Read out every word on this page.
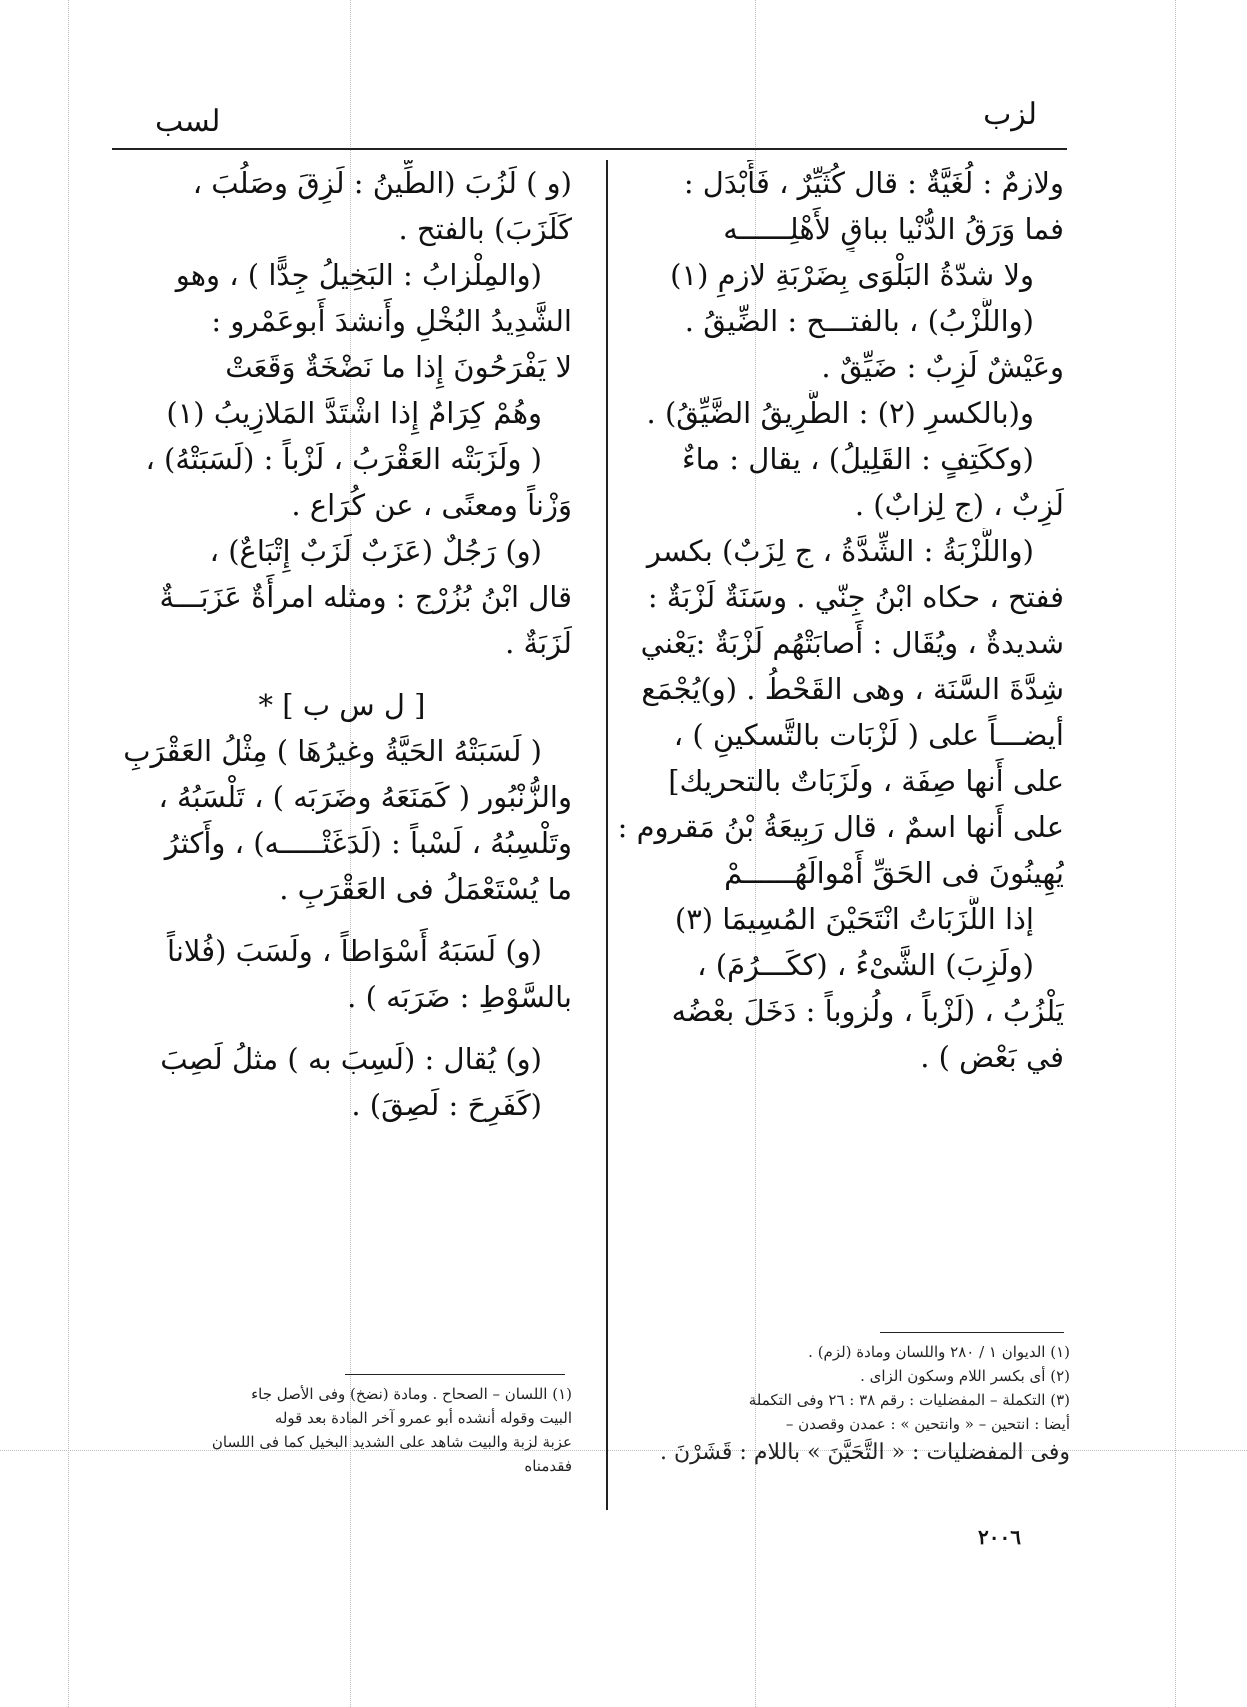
لزب
لسب
ولازمٌ : لُغَيَّةٌ : قال كُثَيِّرٌ ، فَأَبْدَل :
فما وَرَقُ الدُّنْيا بباقٍ لأَهْلِــــــه
ولا شدّةُ البَلْوَى بِضَرْبَةِ لازمِ (١)
(واللَّزْبُ) ، بالفتـــح : الضِّيقُ .
وعَيْشٌ لَزِبٌ : ضَيِّقٌ .
و(بالكسرِ (٢) : الطَّرِيقُ الضَّيِّقُ) .
(وككَتِفٍ : القَلِيلُ) ، يقال : ماءٌ
لَزِبٌ ، (ج لِزابٌ) .
(واللَّزْبَةُ : الشِّدَّةُ ، ج لِزَبٌ) بكسر
ففتح ، حكاه ابْنُ جِنّي . وسَنَةٌ لَزْبَةٌ :
شديدةٌ ، ويُقَال : أَصابَتْهُم لَزْبَةٌ :يَعْني
شِدَّةَ السَّنَة ، وهى القَحْطُ . (و)يُجْمَع
أيضـــاً على ( لَزْبَات بالتَّسكينِ ) ،
على أَنها صِفَة ، ولَزَبَاتٌ بالتحريك]
على أَنها اسمٌ ، قال رَبِيعَةُ بْنُ مَقروم :
يُهِينُونَ فى الحَقِّ أَمْوالَهُــــــمْ
إذا اللَّزَبَاتُ انْتَحَيْنَ المُسِيمَا (٣)
(ولَزِبَ) الشَّىْءُ ، (ككَـــرُمَ) ،
يَلْزُبُ ، (لَزْباً ، ولُزوباً : دَخَلَ بعْضُه
في بَعْض ) .
(و ) لَزُبَ (الطِّينُ : لَزِقَ وصَلُبَ ،
كَلَزَبَ) بالفتح .
(والمِلْزابُ : البَخِيلُ جِدًّا ) ، وهو
الشَّدِيدُ البُخْلِ وأَنشدَ أَبوعَمْرو :
لا يَفْرَحُونَ إِذا ما نَضْخَةٌ وَقَعَتْ
وهُمْ كِرَامٌ إِذا اشْتَدَّ المَلازِيبُ (١)
( ولَزَبَتْه العَقْرَبُ ، لَزْباً : (لَسَبَتْهُ) ،
وَزْناً ومعنًى ، عن كُرَاع .
(و) رَجُلٌ (عَزَبٌ لَزَبٌ إِتْبَاعٌ) ،
قال ابْنُ بُزُرْج : ومثله امرأَةٌ عَزَبَـــةٌ
لَزَبَةٌ .
[ ل س ب ] *
( لَسَبَتْهُ الحَيَّةُ وغيرُهَا ) مِثْلُ العَقْرَبِ
والزُّنْبُور ( كَمَنَعَهُ وضَرَبَه ) ، تَلْسَبُهُ ،
وتَلْسِبُهُ ، لَسْباً : (لَدَغَتْـــــه) ، وأَكثرُ
ما يُسْتَعْمَلُ فى العَقْرَبِ .
(و) لَسَبَهُ أَسْوَاطاً ، ولَسَبَ (فُلاناً
بالسَّوْطِ : ضَرَبَه ) .
(و) يُقال : (لَسِبَ به ) مثلُ لَصِبَ
(كَفَرِحَ : لَصِقَ) .
(١) الديوان ١ / ٢٨٠ واللسان ومادة (لزم) .
(٢) أى بكسر اللام وسكون الزاى .
(٣) التكملة – المفضليات : رقم ٣٨ : ٢٦ وفى التكملة
أيضا : انتحين – « وانتحين » : عمدن وقصدن –
وفى المفضليات : « التَّحَيَّنَ » باللام : قَشَرْنَ .
(١) اللسان – الصحاح . ومادة (نضخ) وفى الأصل جاء
البيت وقوله أنشده أبو عمرو آخر المادة بعد قوله
عزبة لزبة والبيت شاهد على الشديد البخيل كما فى اللسان
فقدمناه
٢٠٠٦
